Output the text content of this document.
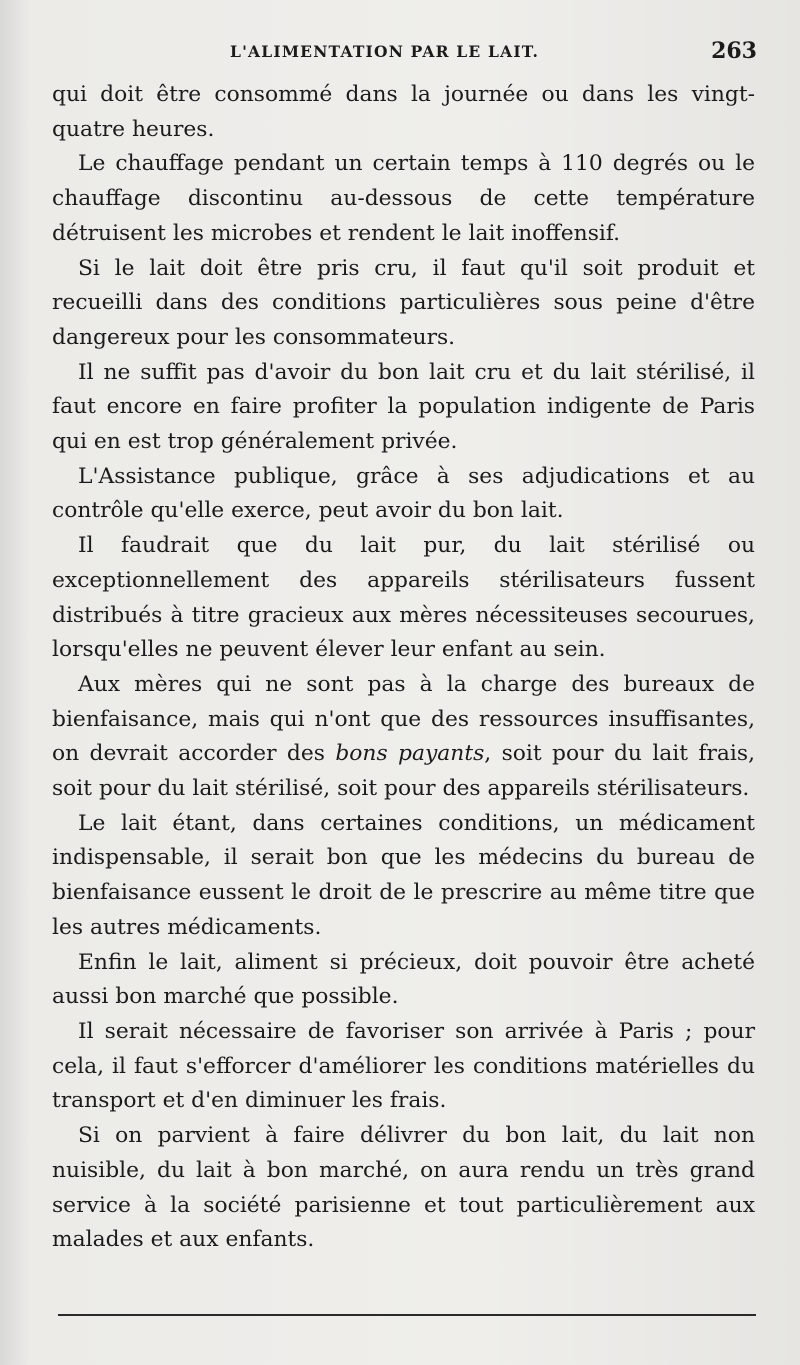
L'ALIMENTATION PAR LE LAIT.	263

qui doit être consommé dans la journée ou dans les vingt-quatre heures.

Le chauffage pendant un certain temps à 110 degrés ou le chauffage discontinu au-dessous de cette température détruisent les microbes et rendent le lait inoffensif.

Si le lait doit être pris cru, il faut qu'il soit produit et recueilli dans des conditions particulières sous peine d'être dangereux pour les consommateurs.

Il ne suffit pas d'avoir du bon lait cru et du lait stérilisé, il faut encore en faire profiter la population indigente de Paris qui en est trop généralement privée.

L'Assistance publique, grâce à ses adjudications et au contrôle qu'elle exerce, peut avoir du bon lait.

Il faudrait que du lait pur, du lait stérilisé ou exceptionnellement des appareils stérilisateurs fussent distribués à titre gracieux aux mères nécessiteuses secourues, lorsqu'elles ne peuvent élever leur enfant au sein.

Aux mères qui ne sont pas à la charge des bureaux de bienfaisance, mais qui n'ont que des ressources insuffisantes, on devrait accorder des bons payants, soit pour du lait frais, soit pour du lait stérilisé, soit pour des appareils stérilisateurs.

Le lait étant, dans certaines conditions, un médicament indispensable, il serait bon que les médecins du bureau de bienfaisance eussent le droit de le prescrire au même titre que les autres médicaments.

Enfin le lait, aliment si précieux, doit pouvoir être acheté aussi bon marché que possible.

Il serait nécessaire de favoriser son arrivée à Paris ; pour cela, il faut s'efforcer d'améliorer les conditions matérielles du transport et d'en diminuer les frais.

Si on parvient à faire délivrer du bon lait, du lait non nuisible, du lait à bon marché, on aura rendu un très grand service à la société parisienne et tout particulièrement aux malades et aux enfants.
